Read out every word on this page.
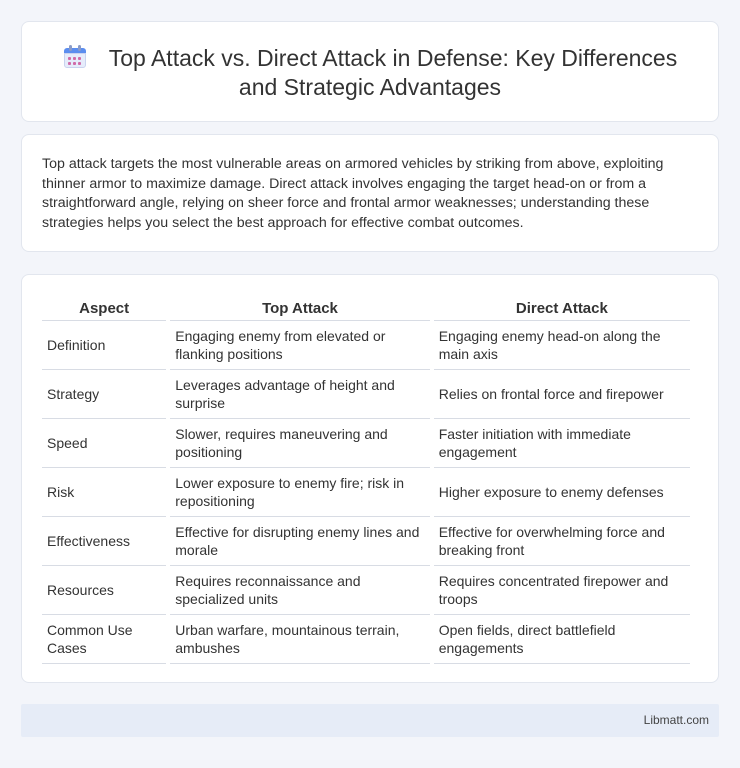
Top Attack vs. Direct Attack in Defense: Key Differences and Strategic Advantages

Top attack targets the most vulnerable areas on armored vehicles by striking from above, exploiting thinner armor to maximize damage. Direct attack involves engaging the target head-on or from a straightforward angle, relying on sheer force and frontal armor weaknesses; understanding these strategies helps you select the best approach for effective combat outcomes.

Aspect	Top Attack	Direct Attack
Definition	Engaging enemy from elevated or flanking positions	Engaging enemy head-on along the main axis
Strategy	Leverages advantage of height and surprise	Relies on frontal force and firepower
Speed	Slower, requires maneuvering and positioning	Faster initiation with immediate engagement
Risk	Lower exposure to enemy fire; risk in repositioning	Higher exposure to enemy defenses
Effectiveness	Effective for disrupting enemy lines and morale	Effective for overwhelming force and breaking front
Resources	Requires reconnaissance and specialized units	Requires concentrated firepower and troops
Common Use Cases	Urban warfare, mountainous terrain, ambushes	Open fields, direct battlefield engagements
Libmatt.com
